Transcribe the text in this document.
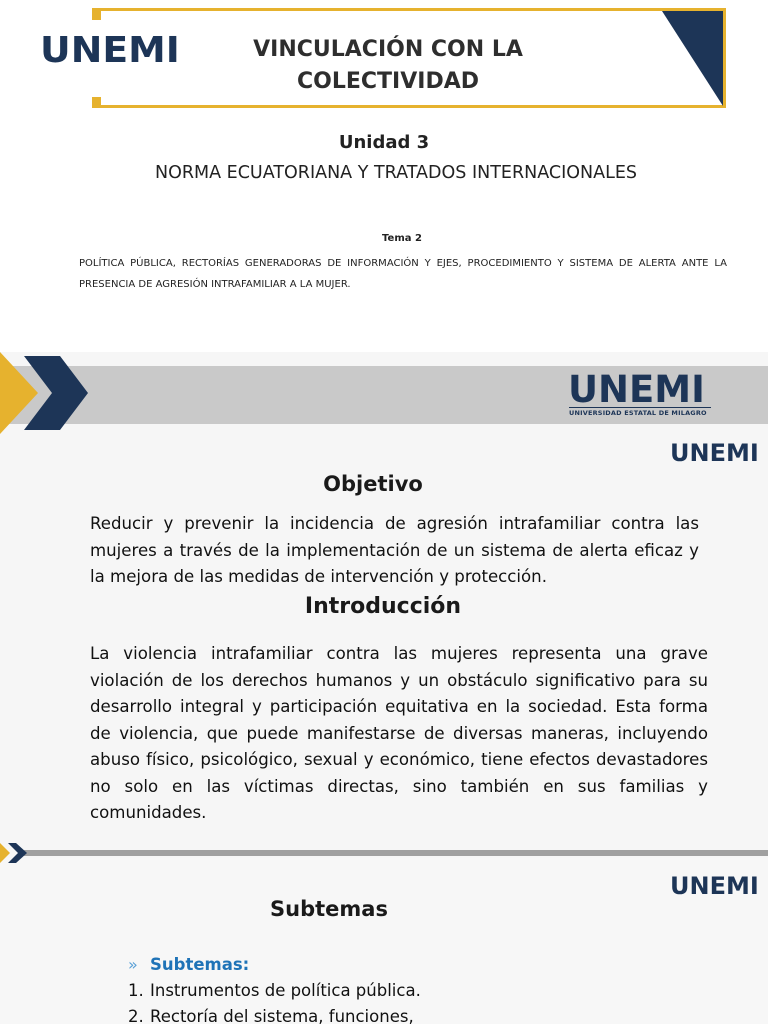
UNEMI	VINCULACIÓN CON LA COLECTIVIDAD
Unidad 3
NORMA ECUATORIANA Y TRATADOS INTERNACIONALES
Tema 2
POLÍTICA PÚBLICA, RECTORÍAS GENERADORAS DE INFORMACIÓN Y EJES, PROCEDIMIENTO Y SISTEMA DE ALERTA ANTE LA PRESENCIA DE AGRESIÓN INTRAFAMILIAR A LA MUJER.
UNEMI
UNIVERSIDAD ESTATAL DE MILAGRO
UNEMI
Objetivo
Reducir y prevenir la incidencia de agresión intrafamiliar contra las mujeres a través de la implementación de un sistema de alerta eficaz y la mejora de las medidas de intervención y protección.
Introducción
La violencia intrafamiliar contra las mujeres representa una grave violación de los derechos humanos y un obstáculo significativo para su desarrollo integral y participación equitativa en la sociedad. Esta forma de violencia, que puede manifestarse de diversas maneras, incluyendo abuso físico, psicológico, sexual y económico, tiene efectos devastadores no solo en las víctimas directas, sino también en sus familias y comunidades.
UNEMI
Subtemas
» Subtemas:
1. Instrumentos de política pública.
2. Rectoría del sistema, funciones,
